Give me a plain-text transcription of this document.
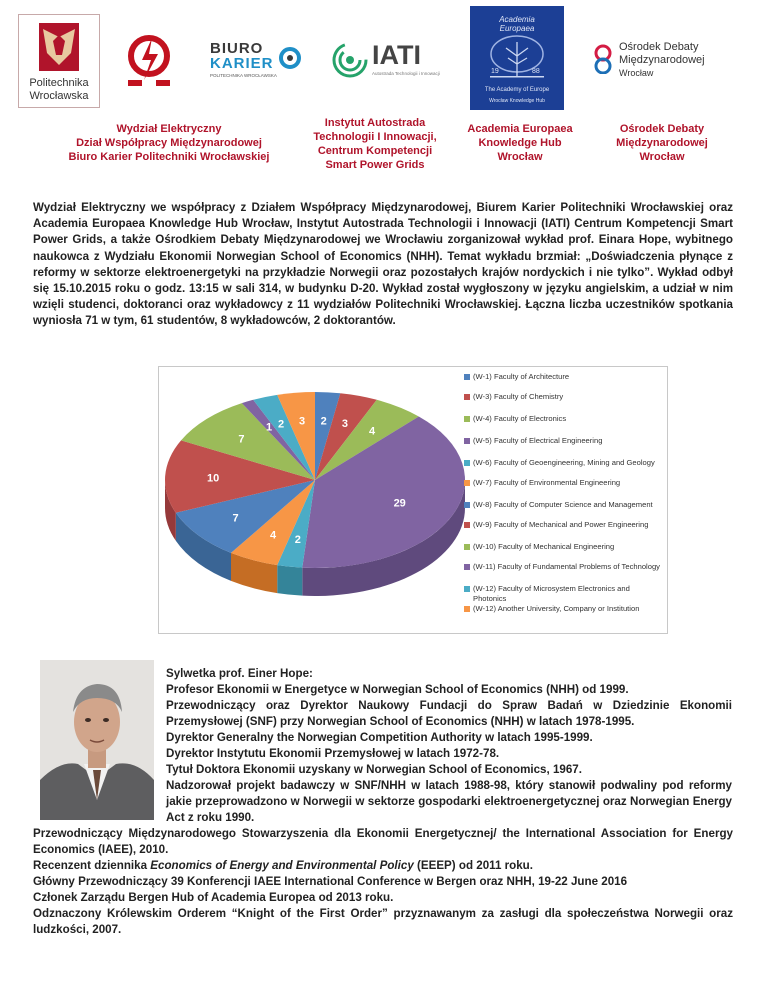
Politechnika
Wrocławska
BIURO
KARIER
POLITECHNIKA WROCŁAWSKA
IATI
Autostrada Technologii i Innowacji
Academia Europaea
19	88
The Academy of Europe
Wrocław Knowledge Hub
Ośrodek Debaty
Międzynarodowej
Wrocław
Wydział Elektryczny
Dział Współpracy Międzynarodowej
Biuro Karier Politechniki Wrocławskiej
Instytut Autostrada
Technologii I Innowacji,
Centrum Kompetencji
Smart Power Grids
Academia Europaea
Knowledge Hub
Wrocław
Ośrodek Debaty
Międzynarodowej
Wrocław

Wydział Elektryczny we współpracy z Działem Współpracy Międzynarodowej, Biurem Karier Politechniki Wrocławskiej oraz Academia Europaea Knowledge Hub Wrocław, Instytut Autostrada Technologii i Innowacji (IATI) Centrum Kompetencji Smart Power Grids, a także Ośrodkiem Debaty Międzynarodowej we Wrocławiu zorganizował wykład prof. Einara Hope, wybitnego naukowca z Wydziału Ekonomii Norwegian School of Economics (NHH). Temat wykładu brzmiał: „Doświadczenia płynące z reformy w sektorze elektroenergetyki na przykładzie Norwegii oraz pozostałych krajów nordyckich i nie tylko”. Wykład odbył się 15.10.2015 roku o godz. 13:15 w sali 314, w budynku D-20. Wykład został wygłoszony w języku angielskim, a udział w nim wzięli studenci, doktoranci oraz wykładowcy z 11 wydziałów Politechniki Wrocławskiej. Łączna liczba uczestników spotkania wyniosła 71 w tym, 61 studentów, 8 wykładowców, 2 doktorantów.

2 3
4
29
2
4
7
10
7
1 2 3
(W-1) Faculty of Architecture
(W-3) Faculty of Chemistry
(W-4) Faculty of Electronics
(W-5) Faculty of Electrical Engineering
(W-6) Faculty of Geoengineering, Mining and Geology
(W-7) Faculty of Environmental Engineering
(W-8) Faculty of Computer Science and Management
(W-9) Faculty of Mechanical and Power Engineering
(W-10) Faculty of Mechanical Engineering
(W-11) Faculty of Fundamental Problems of Technology
(W-12) Faculty of Microsystem Electronics and Photonics
(W-12) Another University, Company or Institution
Sylwetka prof. Einer Hope:
Profesor Ekonomii w Energetyce w Norwegian School of Economics (NHH) od 1999.
Przewodniczący oraz Dyrektor Naukowy Fundacji do Spraw Badań w Dziedzinie Ekonomii Przemysłowej (SNF) przy Norwegian School of Economics (NHH) w latach 1978-1995.
Dyrektor Generalny the Norwegian Competition Authority w latach 1995-1999.
Dyrektor Instytutu Ekonomii Przemysłowej w latach 1972-78.
Tytuł Doktora Ekonomii uzyskany w Norwegian School of Economics, 1967.
Nadzorował projekt badawczy w SNF/NHH w latach 1988-98, który stanowił podwaliny pod reformy jakie przeprowadzono w Norwegii w sektorze gospodarki elektroenergetycznej oraz Norwegian Energy Act z roku 1990.
Przewodniczący Międzynarodowego Stowarzyszenia dla Ekonomii Energetycznej/ the International Association for Energy Economics (IAEE), 2010.
Recenzent dziennika Economics of Energy and Environmental Policy (EEEP) od 2011 roku.
Główny Przewodniczący 39 Konferencji IAEE International Conference w Bergen oraz NHH, 19-22 June 2016
Członek Zarządu Bergen Hub of Academia Europea od 2013 roku.
Odznaczony Królewskim Orderem “Knight of the First Order” przyznawanym za zasługi dla społeczeństwa Norwegii oraz ludzkości, 2007.
